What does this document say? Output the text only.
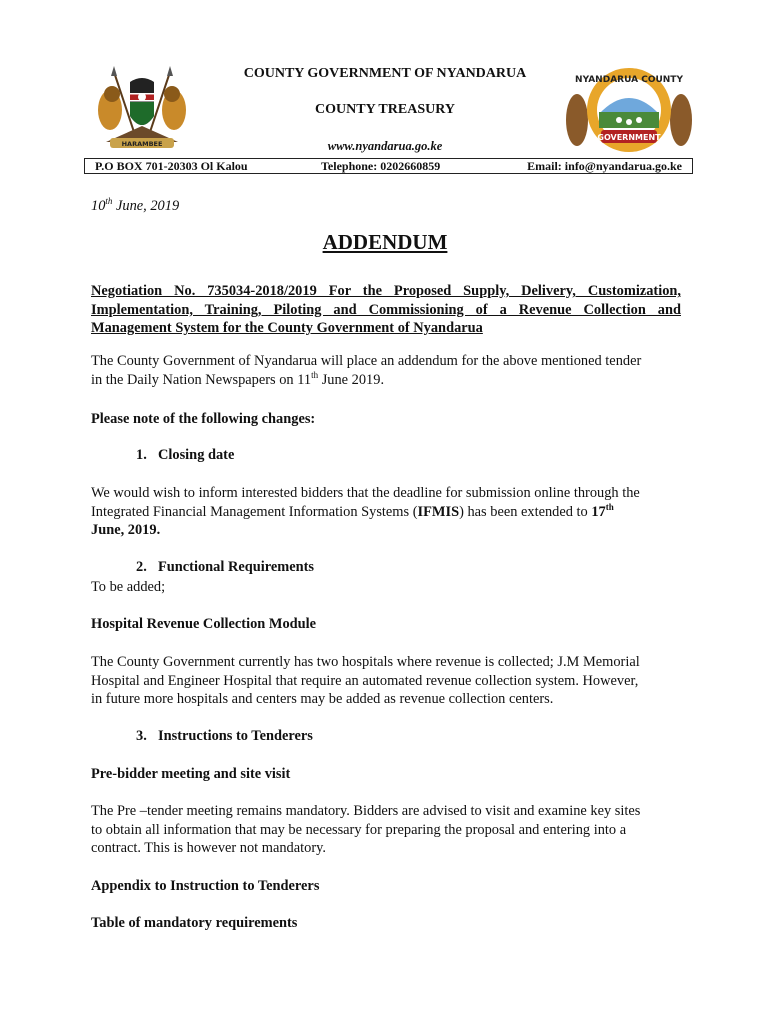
HARAMBEE
NYANDARUA COUNTY
GOVERNMENT
COUNTY GOVERNMENT OF NYANDARUA
COUNTY TREASURY
www.nyandarua.go.ke
P.O BOX 701-20303 Ol Kalou	Telephone: 0202660859	Email: info@nyandarua.go.ke
10th June, 2019
ADDENDUM
Negotiation No. 735034-2018/2019 For the Proposed Supply, Delivery, Customization,
Implementation, Training, Piloting and Commissioning of a Revenue Collection and
Management System for the County Government of Nyandarua
The County Government of Nyandarua will place an addendum for the above mentioned tender
in the Daily Nation Newspapers on 11th June 2019.
Please note of the following changes:
1. Closing date
We would wish to inform interested bidders that the deadline for submission online through the
Integrated Financial Management Information Systems (IFMIS) has been extended to 17th
June, 2019.
2. Functional Requirements
To be added;
Hospital Revenue Collection Module
The County Government currently has two hospitals where revenue is collected; J.M Memorial
Hospital and Engineer Hospital that require an automated revenue collection system. However,
in future more hospitals and centers may be added as revenue collection centers.
3. Instructions to Tenderers
Pre-bidder meeting and site visit
The Pre –tender meeting remains mandatory. Bidders are advised to visit and examine key sites
to obtain all information that may be necessary for preparing the proposal and entering into a
contract. This is however not mandatory.
Appendix to Instruction to Tenderers
Table of mandatory requirements
